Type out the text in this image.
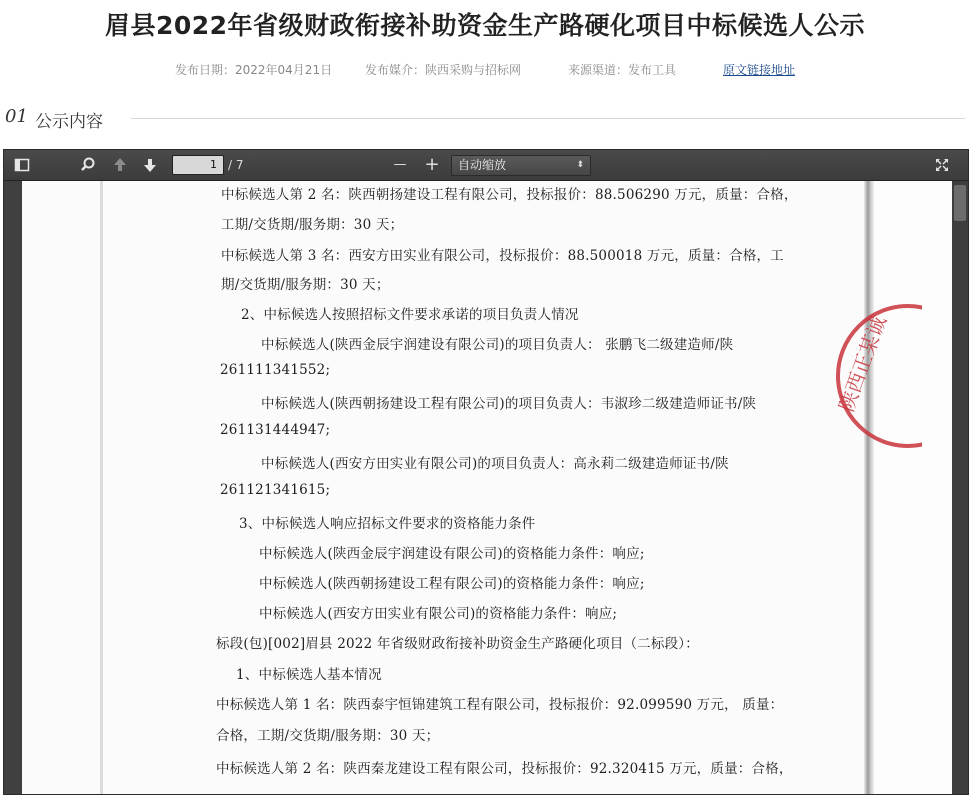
眉县2022年省级财政衔接补助资金生产路硬化项目中标候选人公示
发布日期：2022年04月21日	发布媒介：陕西采购与招标网	来源渠道：发布工具	原文链接地址
01 公示内容
1 / 7	— +	自动缩放	⬍
陕西正某诚
中标候选人第 2 名：陕西朝扬建设工程有限公司，投标报价：88.506290 万元，质量：合格，
工期/交货期/服务期：30 天；
中标候选人第 3 名：西安方田实业有限公司，投标报价：88.500018 万元，质量：合格，工
期/交货期/服务期：30 天；
2、中标候选人按照招标文件要求承诺的项目负责人情况
中标候选人(陕西金辰宇润建设有限公司)的项目负责人： 张鹏飞二级建造师/陕
261111341552;
中标候选人(陕西朝扬建设工程有限公司)的项目负责人：韦淑珍二级建造师证书/陕
261131444947;
中标候选人(西安方田实业有限公司)的项目负责人：高永莉二级建造师证书/陕
261121341615;
3、中标候选人响应招标文件要求的资格能力条件
中标候选人(陕西金辰宇润建设有限公司)的资格能力条件：响应;
中标候选人(陕西朝扬建设工程有限公司)的资格能力条件：响应;
中标候选人(西安方田实业有限公司)的资格能力条件：响应;
标段(包)[002]眉县 2022 年省级财政衔接补助资金生产路硬化项目（二标段）：
1、中标候选人基本情况
中标候选人第 1 名：陕西泰宇恒锦建筑工程有限公司，投标报价：92.099590 万元， 质量：
合格，工期/交货期/服务期：30 天；
中标候选人第 2 名：陕西秦龙建设工程有限公司，投标报价：92.320415 万元，质量：合格，
